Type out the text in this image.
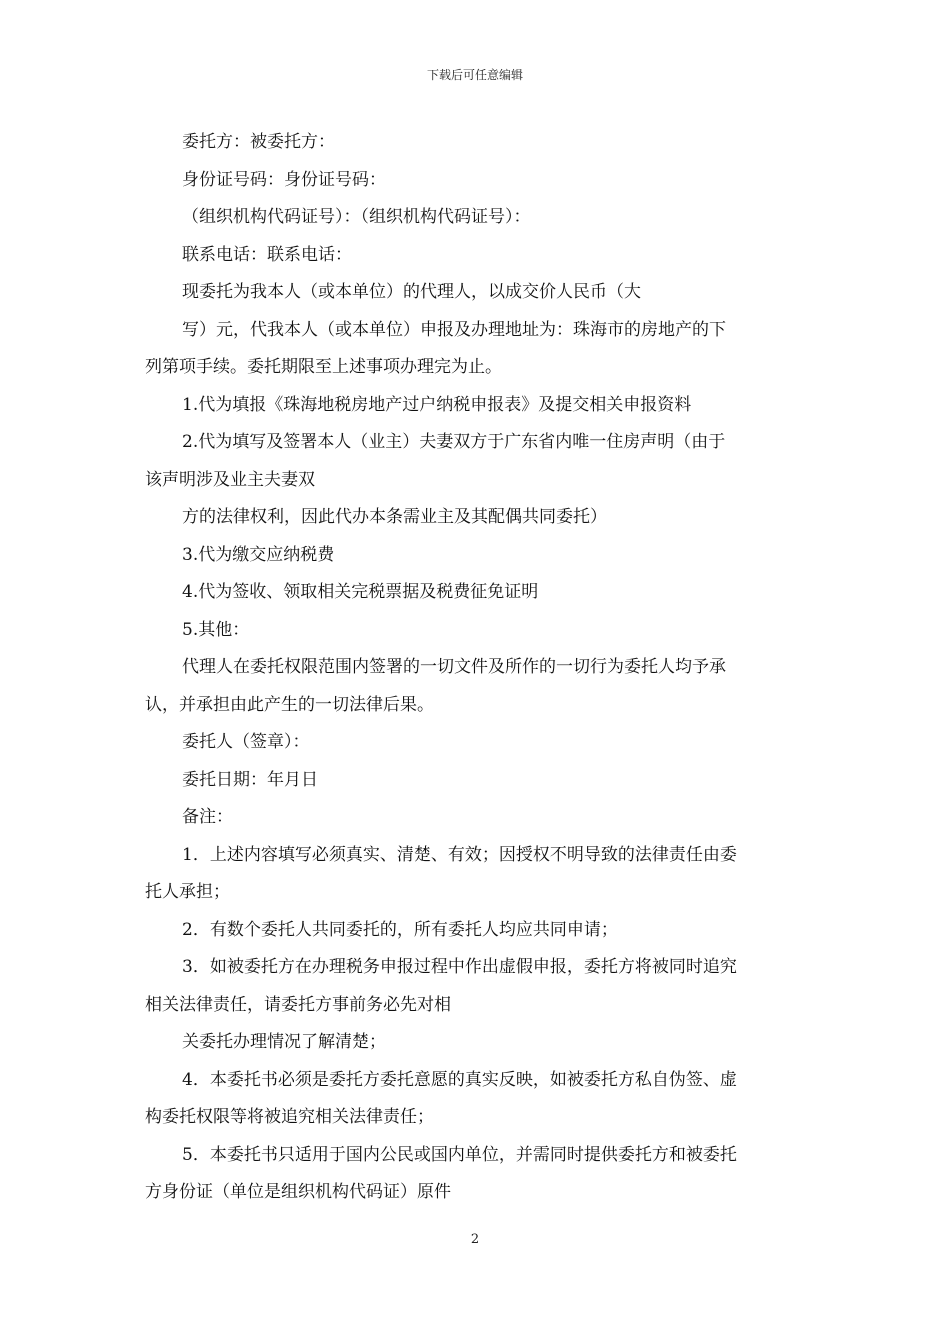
下载后可任意编辑
委托方：被委托方：
身份证号码：身份证号码：
（组织机构代码证号）：（组织机构代码证号）：
联系电话：联系电话：
现委托为我本人（或本单位）的代理人，以成交价人民币（大
写）元，代我本人（或本单位）申报及办理地址为：珠海市的房地产的下
列第项手续。委托期限至上述事项办理完为止。
1.代为填报《珠海地税房地产过户纳税申报表》及提交相关申报资料
2.代为填写及签署本人（业主）夫妻双方于广东省内唯一住房声明（由于
该声明涉及业主夫妻双
方的法律权利，因此代办本条需业主及其配偶共同委托）
3.代为缴交应纳税费
4.代为签收、领取相关完税票据及税费征免证明
5.其他：
代理人在委托权限范围内签署的一切文件及所作的一切行为委托人均予承
认，并承担由此产生的一切法律后果。
委托人（签章）：
委托日期：年月日
备注：
1．上述内容填写必须真实、清楚、有效；因授权不明导致的法律责任由委
托人承担；
2．有数个委托人共同委托的，所有委托人均应共同申请；
3．如被委托方在办理税务申报过程中作出虚假申报，委托方将被同时追究
相关法律责任，请委托方事前务必先对相
关委托办理情况了解清楚；
4．本委托书必须是委托方委托意愿的真实反映，如被委托方私自伪签、虚
构委托权限等将被追究相关法律责任；
5．本委托书只适用于国内公民或国内单位，并需同时提供委托方和被委托
方身份证（单位是组织机构代码证）原件
2
